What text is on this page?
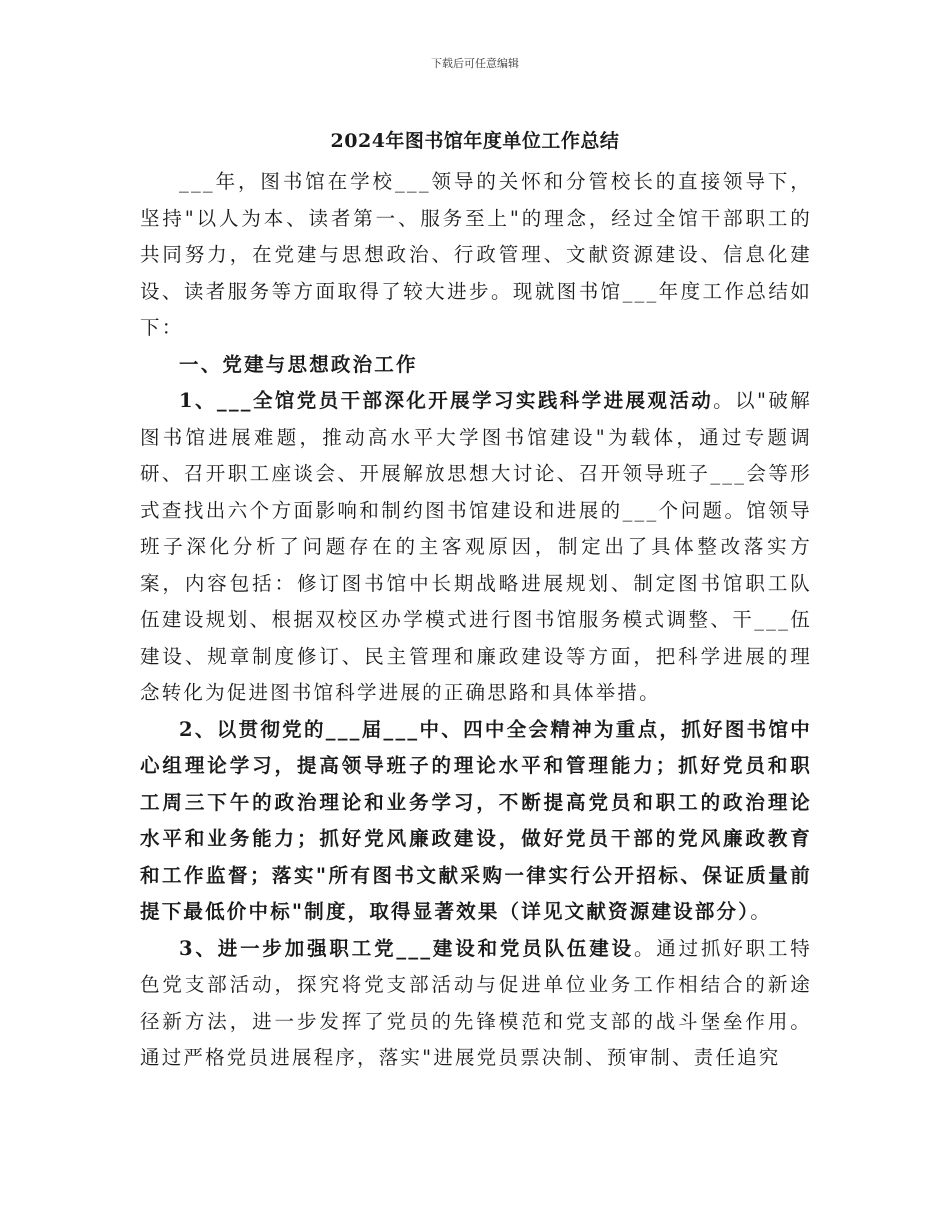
下载后可任意编辑
2024年图书馆年度单位工作总结

___年，图书馆在学校___领导的关怀和分管校长的直接领导下，坚持"以人为本、读者第一、服务至上"的理念，经过全馆干部职工的共同努力，在党建与思想政治、行政管理、文献资源建设、信息化建设、读者服务等方面取得了较大进步。现就图书馆___年度工作总结如下：

一、党建与思想政治工作

1、___全馆党员干部深化开展学习实践科学进展观活动。以"破解图书馆进展难题，推动高水平大学图书馆建设"为载体，通过专题调研、召开职工座谈会、开展解放思想大讨论、召开领导班子___会等形式查找出六个方面影响和制约图书馆建设和进展的___个问题。馆领导班子深化分析了问题存在的主客观原因，制定出了具体整改落实方案，内容包括：修订图书馆中长期战略进展规划、制定图书馆职工队伍建设规划、根据双校区办学模式进行图书馆服务模式调整、干___伍建设、规章制度修订、民主管理和廉政建设等方面，把科学进展的理念转化为促进图书馆科学进展的正确思路和具体举措。

2、以贯彻党的___届___中、四中全会精神为重点，抓好图书馆中心组理论学习，提高领导班子的理论水平和管理能力；抓好党员和职工周三下午的政治理论和业务学习，不断提高党员和职工的政治理论水平和业务能力；抓好党风廉政建设，做好党员干部的党风廉政教育和工作监督；落实"所有图书文献采购一律实行公开招标、保证质量前提下最低价中标"制度，取得显著效果（详见文献资源建设部分）。

3、进一步加强职工党___建设和党员队伍建设。通过抓好职工特色党支部活动，探究将党支部活动与促进单位业务工作相结合的新途径新方法，进一步发挥了党员的先锋模范和党支部的战斗堡垒作用。通过严格党员进展程序，落实"进展党员票决制、预审制、责任追究
